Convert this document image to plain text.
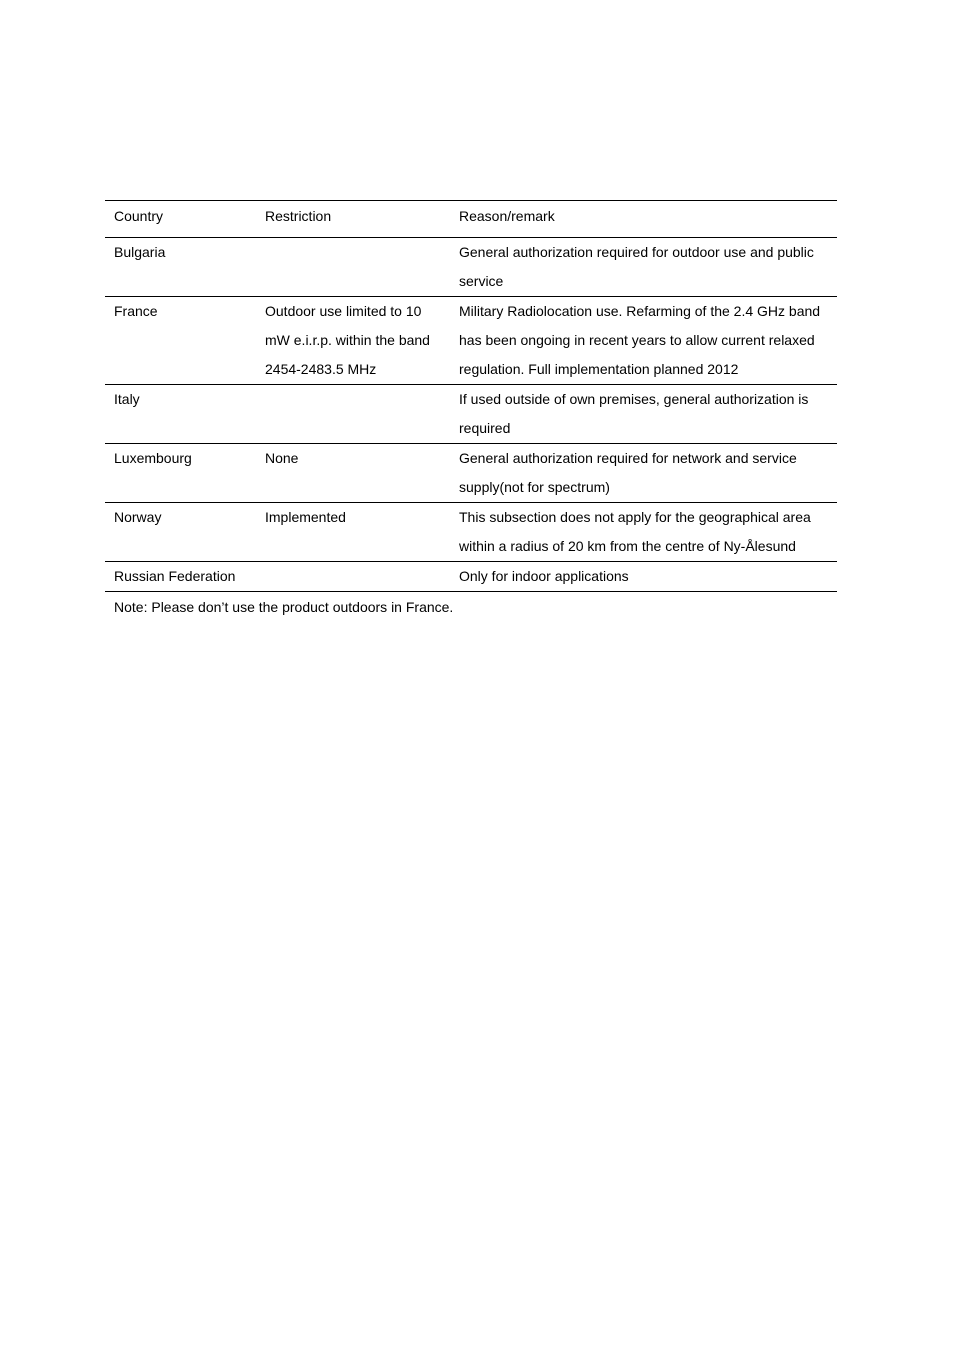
Country	Restriction	Reason/remark
Bulgaria		General authorization required for outdoor use and public service
France	Outdoor use limited to 10 mW e.i.r.p. within the band 2454-2483.5 MHz	Military Radiolocation use. Refarming of the 2.4 GHz band has been ongoing in recent years to allow current relaxed regulation. Full implementation planned 2012
Italy		If used outside of own premises, general authorization is required
Luxembourg	None	General authorization required for network and service supply(not for spectrum)
Norway	Implemented	This subsection does not apply for the geographical area within a radius of 20 km from the centre of Ny-Ålesund
Russian Federation		Only for indoor applications
Note: Please don’t use the product outdoors in France.
